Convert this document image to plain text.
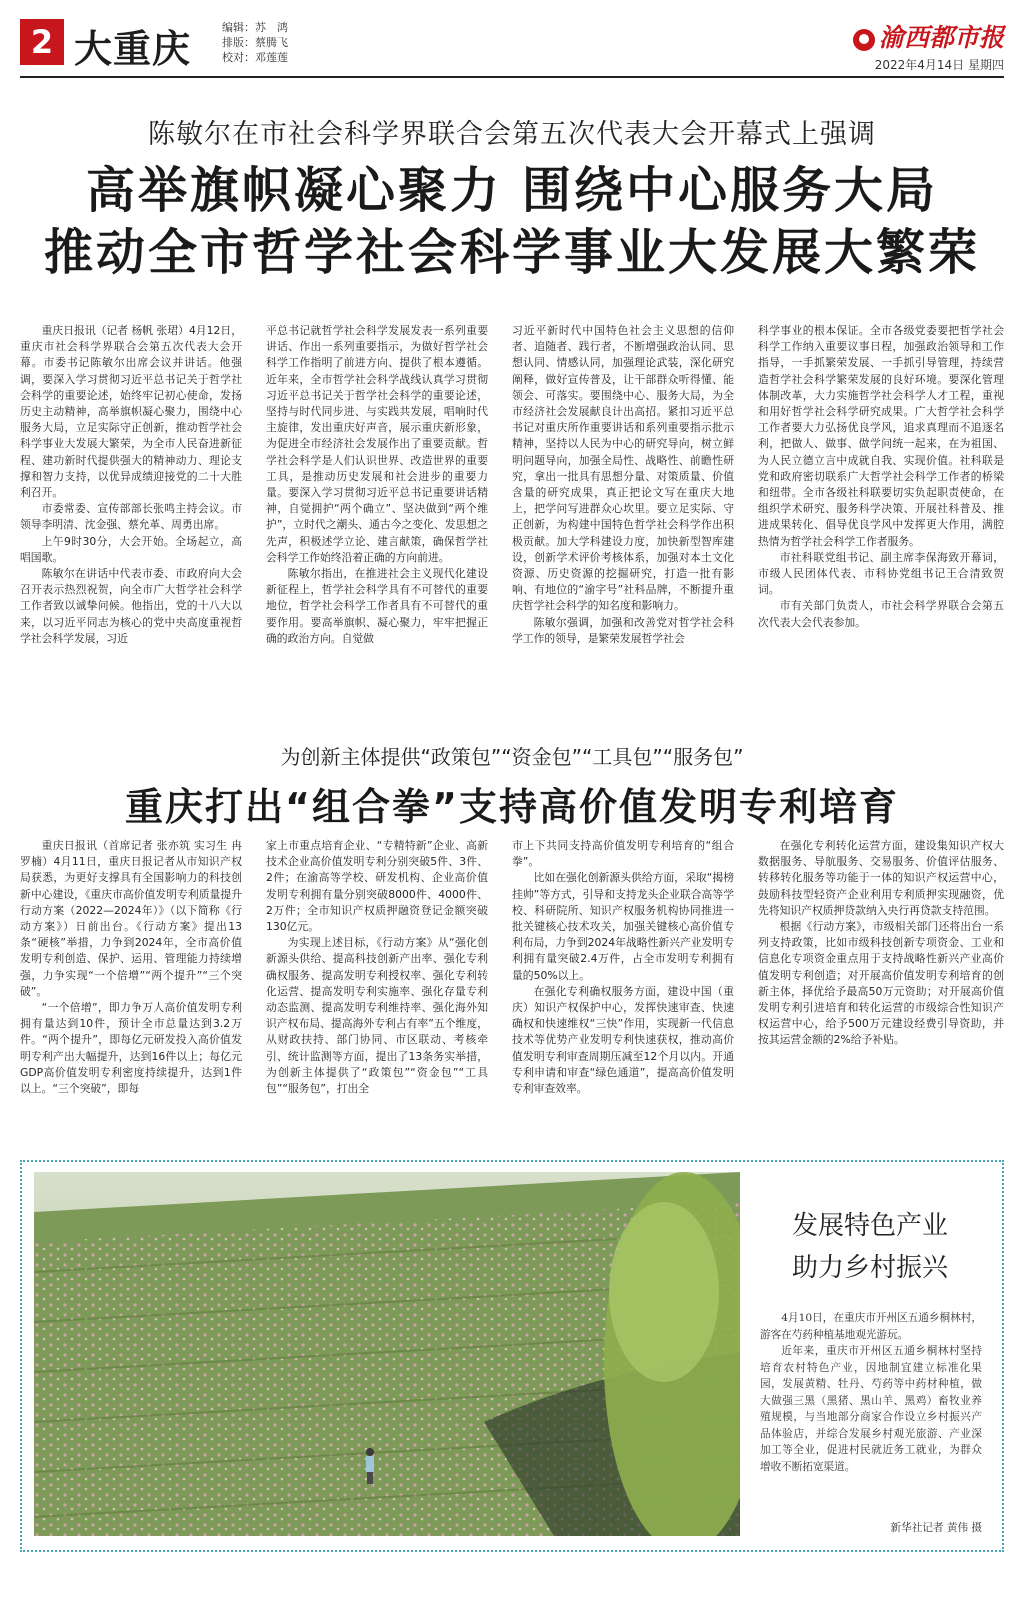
2 大重庆	编辑：苏　鸿
排版：蔡腾飞
校对：邓莲莲
渝西都市报
2022年4月14日 星期四
陈敏尔在市社会科学界联合会第五次代表大会开幕式上强调
高举旗帜凝心聚力 围绕中心服务大局
推动全市哲学社会科学事业大发展大繁荣

重庆日报讯（记者 杨帆 张珺）4月12日，重庆市社会科学界联合会第五次代表大会开幕。市委书记陈敏尔出席会议并讲话。他强调，要深入学习贯彻习近平总书记关于哲学社会科学的重要论述，始终牢记初心使命，发扬历史主动精神，高举旗帜凝心聚力，围绕中心服务大局，立足实际守正创新，推动哲学社会科学事业大发展大繁荣，为全市人民奋进新征程、建功新时代提供强大的精神动力、理论支撑和智力支持，以优异成绩迎接党的二十大胜利召开。

市委常委、宣传部部长张鸣主持会议。市领导李明清、沈金强、蔡允革、周勇出席。

上午9时30分，大会开始。全场起立，高唱国歌。

陈敏尔在讲话中代表市委、市政府向大会召开表示热烈祝贺，向全市广大哲学社会科学工作者致以诚挚问候。他指出，党的十八大以来，以习近平同志为核心的党中央高度重视哲学社会科学发展，习近

平总书记就哲学社会科学发展发表一系列重要讲话、作出一系列重要指示，为做好哲学社会科学工作指明了前进方向、提供了根本遵循。近年来，全市哲学社会科学战线认真学习贯彻习近平总书记关于哲学社会科学的重要论述，坚持与时代同步进、与实践共发展，唱响时代主旋律，发出重庆好声音，展示重庆新形象，为促进全市经济社会发展作出了重要贡献。哲学社会科学是人们认识世界、改造世界的重要工具，是推动历史发展和社会进步的重要力量。要深入学习贯彻习近平总书记重要讲话精神，自觉拥护“两个确立”、坚决做到“两个维护”，立时代之潮头、通古今之变化、发思想之先声，积极述学立论、建言献策，确保哲学社会科学工作始终沿着正确的方向前进。

陈敏尔指出，在推进社会主义现代化建设新征程上，哲学社会科学具有不可替代的重要地位，哲学社会科学工作者具有不可替代的重要作用。要高举旗帜、凝心聚力，牢牢把握正确的政治方向。自觉做

习近平新时代中国特色社会主义思想的信仰者、追随者、践行者，不断增强政治认同、思想认同、情感认同，加强理论武装，深化研究阐释，做好宣传普及，让干部群众听得懂、能领会、可落实。要围绕中心、服务大局，为全市经济社会发展献良计出高招。紧扣习近平总书记对重庆所作重要讲话和系列重要指示批示精神，坚持以人民为中心的研究导向，树立鲜明问题导向，加强全局性、战略性、前瞻性研究，拿出一批具有思想分量、对策质量、价值含量的研究成果，真正把论文写在重庆大地上，把学问写进群众心坎里。要立足实际、守正创新，为构建中国特色哲学社会科学作出积极贡献。加大学科建设力度，加快新型智库建设，创新学术评价考核体系，加强对本土文化资源、历史资源的挖掘研究，打造一批有影响、有地位的“渝字号”社科品牌，不断提升重庆哲学社会科学的知名度和影响力。

陈敏尔强调，加强和改善党对哲学社会科学工作的领导，是繁荣发展哲学社会

科学事业的根本保证。全市各级党委要把哲学社会科学工作纳入重要议事日程，加强政治领导和工作指导，一手抓繁荣发展、一手抓引导管理，持续营造哲学社会科学繁荣发展的良好环境。要深化管理体制改革，大力实施哲学社会科学人才工程，重视和用好哲学社会科学研究成果。广大哲学社会科学工作者要大力弘扬优良学风，追求真理而不追逐名利，把做人、做事、做学问统一起来，在为祖国、为人民立德立言中成就自我、实现价值。社科联是党和政府密切联系广大哲学社会科学工作者的桥梁和纽带。全市各级社科联要切实负起职责使命，在组织学术研究、服务科学决策、开展社科普及、推进成果转化、倡导优良学风中发挥更大作用，满腔热情为哲学社会科学工作者服务。

市社科联党组书记、副主席李保海致开幕词，市级人民团体代表、市科协党组书记王合清致贺词。

市有关部门负责人，市社会科学界联合会第五次代表大会代表参加。

为创新主体提供“政策包”“资金包”“工具包”“服务包”
重庆打出“组合拳”支持高价值发明专利培育

重庆日报讯（首席记者 张亦筑 实习生 冉罗楠）4月11日，重庆日报记者从市知识产权局获悉，为更好支撑具有全国影响力的科技创新中心建设，《重庆市高价值发明专利质量提升行动方案（2022—2024年）》（以下简称《行动方案》）日前出台。《行动方案》提出13条“硬核”举措，力争到2024年，全市高价值发明专利创造、保护、运用、管理能力持续增强，力争实现“一个倍增”“两个提升”“三个突破”。

“一个倍增”，即力争万人高价值发明专利拥有量达到10件，预计全市总量达到3.2万件。“两个提升”，即每亿元研发投入高价值发明专利产出大幅提升，达到16件以上；每亿元GDP高价值发明专利密度持续提升，达到1件以上。“三个突破”，即每

家上市重点培育企业、“专精特新”企业、高新技术企业高价值发明专利分别突破5件、3件、2件；在渝高等学校、研发机构、企业高价值发明专利拥有量分别突破8000件、4000件、2万件；全市知识产权质押融资登记金额突破130亿元。

为实现上述目标，《行动方案》从“强化创新源头供给、提高科技创新产出率、强化专利确权服务、提高发明专利授权率、强化专利转化运营、提高发明专利实施率、强化存量专利动态监测、提高发明专利维持率、强化海外知识产权布局、提高海外专利占有率”五个维度，从财政扶持、部门协同、市区联动、考核牵引、统计监测等方面，提出了13条务实举措，为创新主体提供了“政策包”“资金包”“工具包”“服务包”，打出全

市上下共同支持高价值发明专利培育的“组合拳”。

比如在强化创新源头供给方面，采取“揭榜挂帅”等方式，引导和支持龙头企业联合高等学校、科研院所、知识产权服务机构协同推进一批关键核心技术攻关，加强关键核心高价值专利布局，力争到2024年战略性新兴产业发明专利拥有量突破2.4万件，占全市发明专利拥有量的50%以上。

在强化专利确权服务方面，建设中国（重庆）知识产权保护中心，发挥快速审查、快速确权和快速维权“三快”作用，实现新一代信息技术等优势产业发明专利快速获权，推动高价值发明专利审查周期压减至12个月以内。开通专利申请和审查“绿色通道”，提高高价值发明专利审查效率。

在强化专利转化运营方面，建设集知识产权大数据服务、导航服务、交易服务、价值评估服务、转移转化服务等功能于一体的知识产权运营中心，鼓励科技型轻资产企业利用专利质押实现融资，优先将知识产权质押贷款纳入央行再贷款支持范围。

根据《行动方案》，市级相关部门还将出台一系列支持政策，比如市级科技创新专项资金、工业和信息化专项资金重点用于支持战略性新兴产业高价值发明专利创造；对开展高价值发明专利培育的创新主体，择优给予最高50万元资助；对开展高价值发明专利引进培育和转化运营的市级综合性知识产权运营中心，给予500万元建设经费引导资助，并按其运营金额的2%给予补贴。

发展特色产业
助力乡村振兴

4月10日，在重庆市开州区五通乡桐林村，游客在芍药种植基地观光游玩。

近年来，重庆市开州区五通乡桐林村坚持培育农村特色产业，因地制宜建立标准化果园，发展黄精、牡丹、芍药等中药材种植，做大做强三黑（黑猪、黑山羊、黑鸡）畜牧业养殖规模，与当地部分商家合作设立乡村振兴产品体验店，并综合发展乡村观光旅游、产业深加工等全业，促进村民就近务工就业，为群众增收不断拓宽渠道。

新华社记者 黄伟 摄
